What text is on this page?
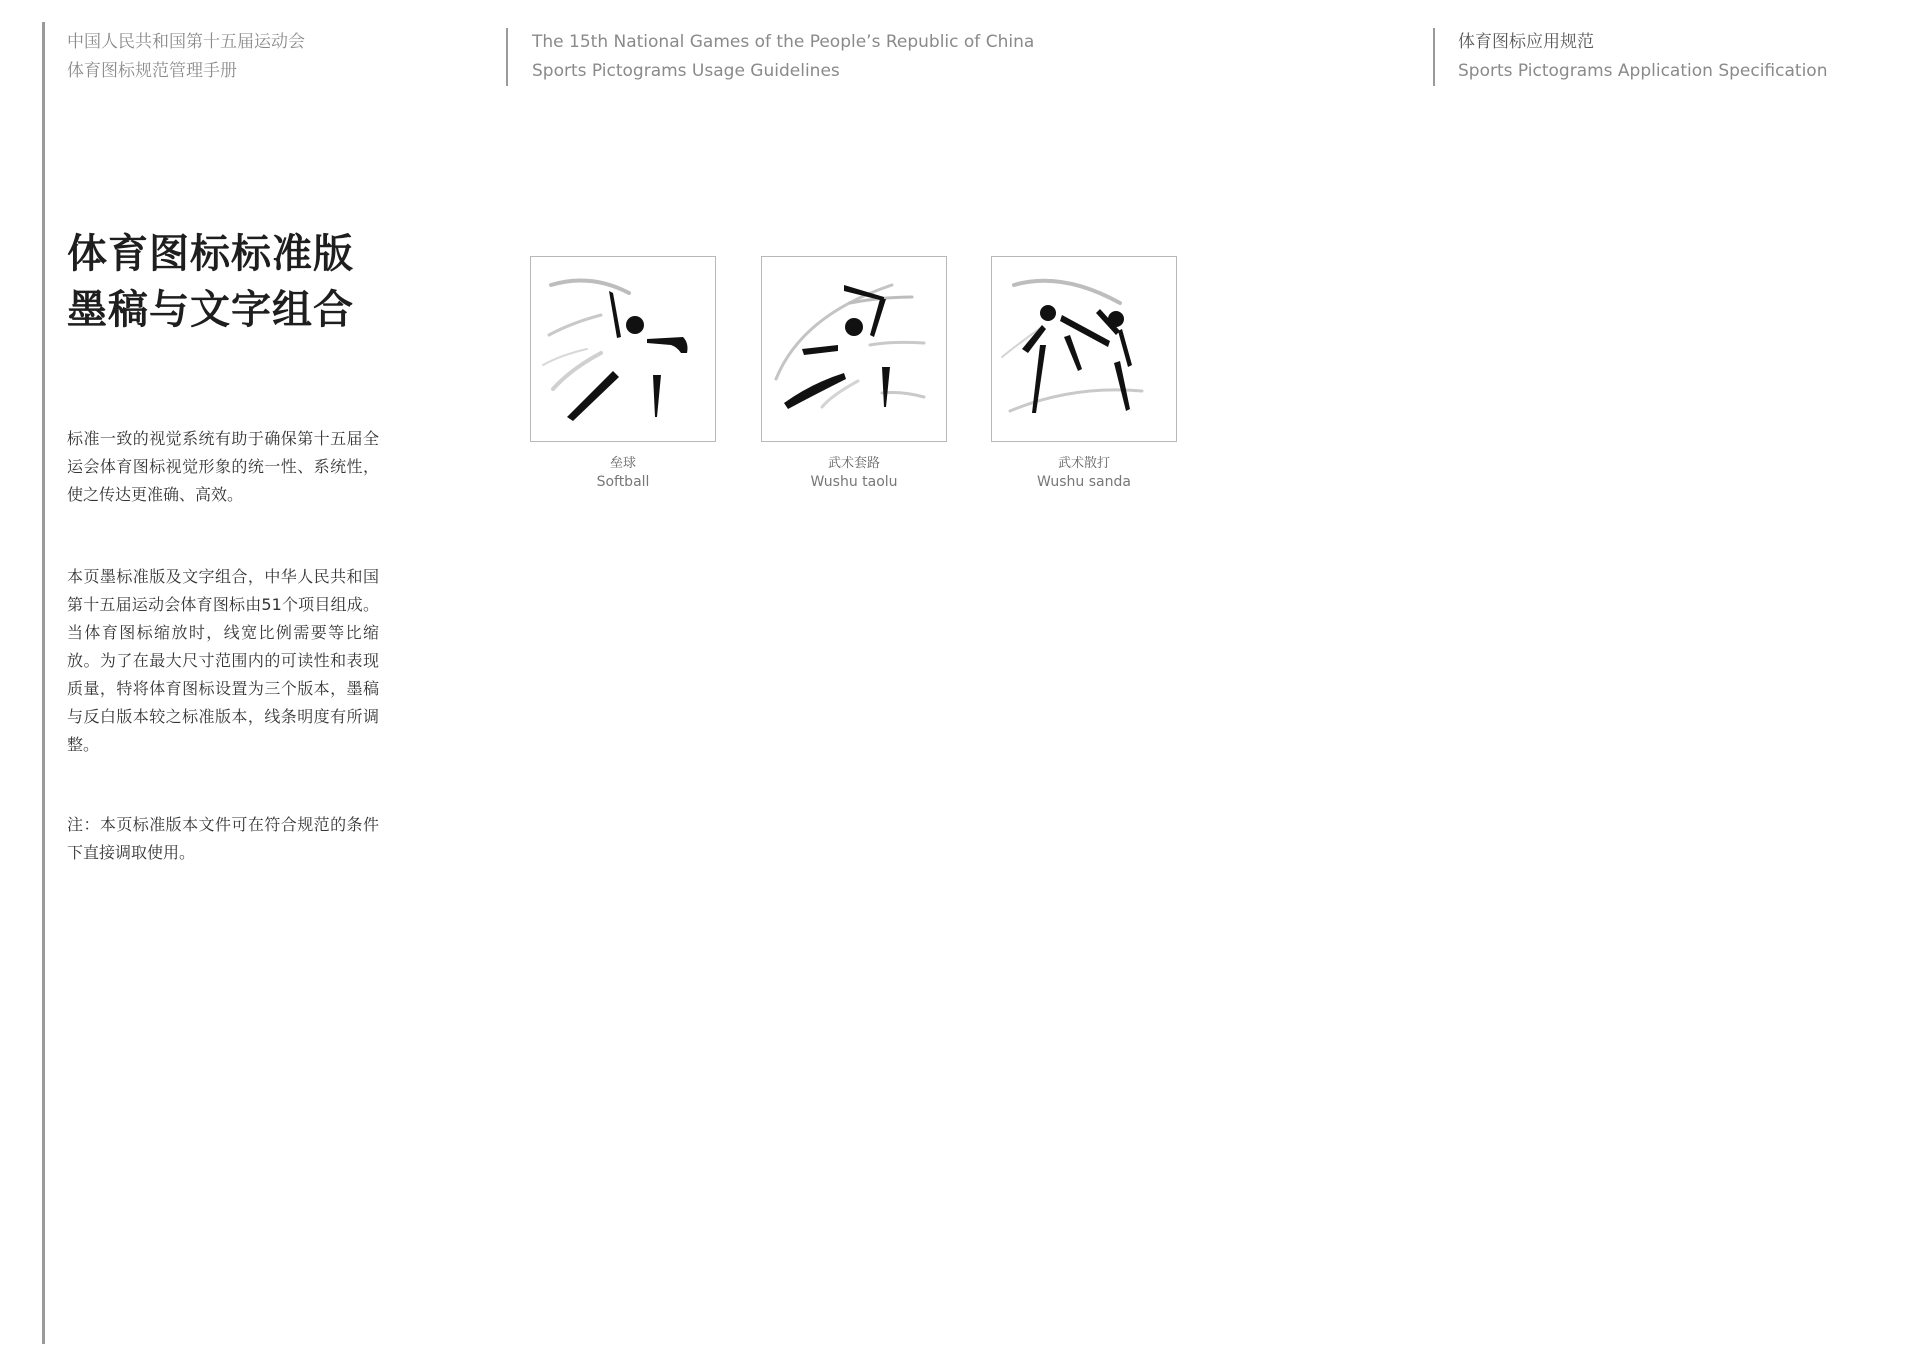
中国人民共和国第十五届运动会
体育图标规范管理手册
The 15th National Games of the People’s Republic of China
Sports Pictograms Usage Guidelines
体育图标应用规范
Sports Pictograms Application Specification
体育图标标准版
墨稿与文字组合

标准一致的视觉系统有助于确保第十五届全运会体育图标视觉形象的统一性、系统性，使之传达更准确、高效。

本页墨标准版及文字组合，中华人民共和国第十五届运动会体育图标由51个项目组成。当体育图标缩放时，线宽比例需要等比缩放。为了在最大尺寸范围内的可读性和表现质量，特将体育图标设置为三个版本，墨稿与反白版本较之标准版本，线条明度有所调整。

注：本页标准版本文件可在符合规范的条件下直接调取使用。

垒球
Softball
武术套路
Wushu taolu
武术散打
Wushu sanda
